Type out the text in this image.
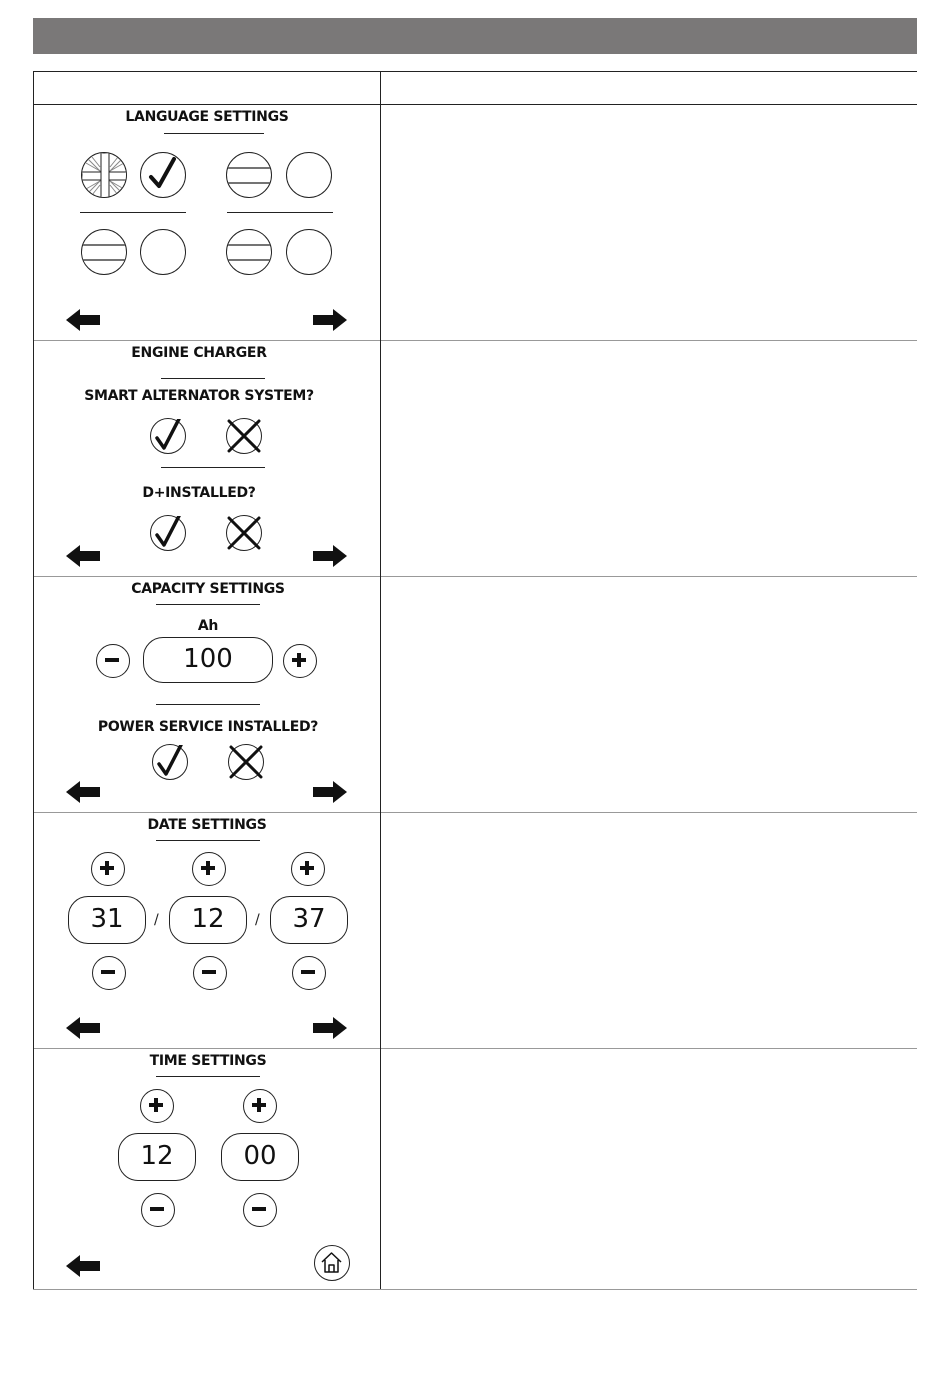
LANGUAGE SETTINGS
ENGINE CHARGER
SMART ALTERNATOR SYSTEM?
D+INSTALLED?
CAPACITY SETTINGS
Ah
100
POWER SERVICE INSTALLED?
DATE SETTINGS
31	/	12	/	37
TIME SETTINGS
12	00
